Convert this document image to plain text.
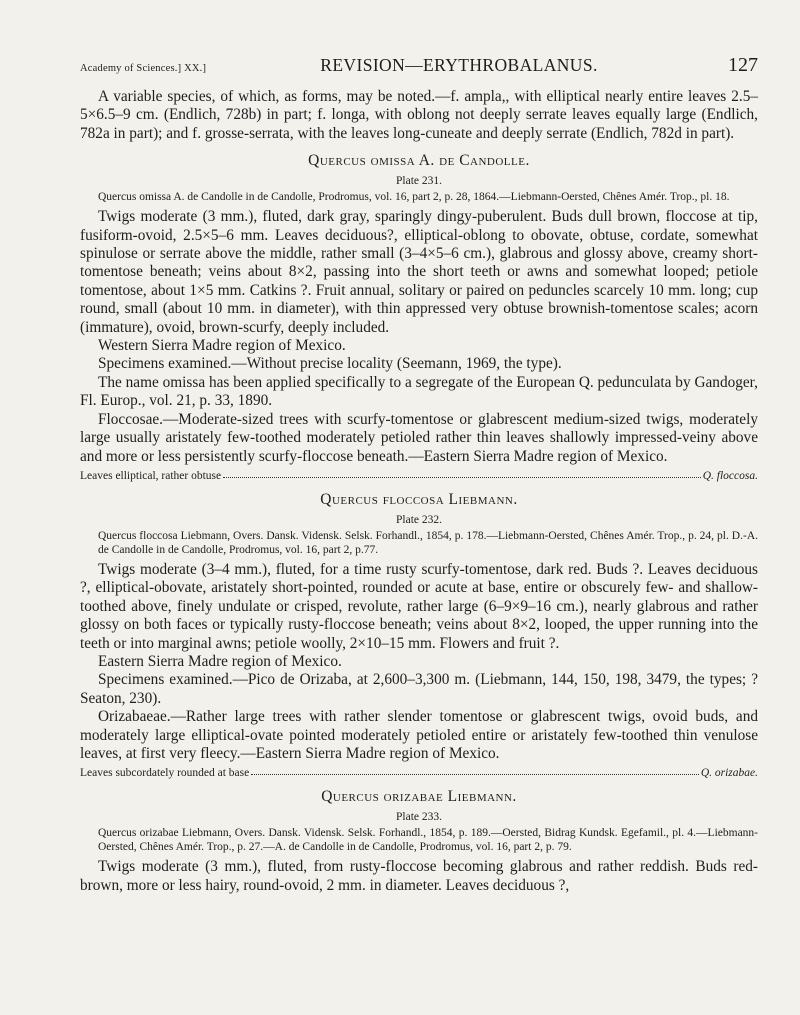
Academy of Sciences.] XX.]	REVISION—ERYTHROBALANUS.	127

A variable species, of which, as forms, may be noted.—f. ampla,, with elliptical nearly entire leaves 2.5–5×6.5–9 cm. (Endlich, 728b) in part; f. longa, with oblong not deeply serrate leaves equally large (Endlich, 782a in part); and f. grosse-serrata, with the leaves long-cuneate and deeply serrate (Endlich, 782d in part).

Quercus omissa A. de Candolle.
Plate 231.

Quercus omissa A. de Candolle in de Candolle, Prodromus, vol. 16, part 2, p. 28, 1864.—Liebmann-Oersted, Chênes Amér. Trop., pl. 18.

Twigs moderate (3 mm.), fluted, dark gray, sparingly dingy-puberulent. Buds dull brown, floccose at tip, fusiform-ovoid, 2.5×5–6 mm. Leaves deciduous?, elliptical-oblong to obovate, obtuse, cordate, somewhat spinulose or serrate above the middle, rather small (3–4×5–6 cm.), glabrous and glossy above, creamy short-tomentose beneath; veins about 8×2, passing into the short teeth or awns and somewhat looped; petiole tomentose, about 1×5 mm. Catkins ?. Fruit annual, solitary or paired on peduncles scarcely 10 mm. long; cup round, small (about 10 mm. in diameter), with thin appressed very obtuse brownish-tomentose scales; acorn (immature), ovoid, brown-scurfy, deeply included.

Western Sierra Madre region of Mexico.

Specimens examined.—Without precise locality (Seemann, 1969, the type).

The name omissa has been applied specifically to a segregate of the European Q. pedunculata by Gandoger, Fl. Europ., vol. 21, p. 33, 1890.

Floccosae.—Moderate-sized trees with scurfy-tomentose or glabrescent medium-sized twigs, moderately large usually aristately few-toothed moderately petioled rather thin leaves shallowly impressed-veiny above and more or less persistently scurfy-floccose beneath.—Eastern Sierra Madre region of Mexico.

Leaves elliptical, rather obtuse	Q. floccosa.
Quercus floccosa Liebmann.
Plate 232.

Quercus floccosa Liebmann, Overs. Dansk. Vidensk. Selsk. Forhandl., 1854, p. 178.—Liebmann-Oersted, Chênes Amér. Trop., p. 24, pl. D.-A. de Candolle in de Candolle, Prodromus, vol. 16, part 2, p.77.

Twigs moderate (3–4 mm.), fluted, for a time rusty scurfy-tomentose, dark red. Buds ?. Leaves deciduous ?, elliptical-obovate, aristately short-pointed, rounded or acute at base, entire or obscurely few- and shallow-toothed above, finely undulate or crisped, revolute, rather large (6–9×9–16 cm.), nearly glabrous and rather glossy on both faces or typically rusty-floccose beneath; veins about 8×2, looped, the upper running into the teeth or into marginal awns; petiole woolly, 2×10–15 mm. Flowers and fruit ?.

Eastern Sierra Madre region of Mexico.

Specimens examined.—Pico de Orizaba, at 2,600–3,300 m. (Liebmann, 144, 150, 198, 3479, the types; ?Seaton, 230).

Orizabaeae.—Rather large trees with rather slender tomentose or glabrescent twigs, ovoid buds, and moderately large elliptical-ovate pointed moderately petioled entire or aristately few-toothed thin venulose leaves, at first very fleecy.—Eastern Sierra Madre region of Mexico.

Leaves subcordately rounded at base	Q. orizabae.
Quercus orizabae Liebmann.
Plate 233.

Quercus orizabae Liebmann, Overs. Dansk. Vidensk. Selsk. Forhandl., 1854, p. 189.—Oersted, Bidrag Kundsk. Egefamil., pl. 4.—Liebmann-Oersted, Chênes Amér. Trop., p. 27.—A. de Candolle in de Candolle, Prodromus, vol. 16, part 2, p. 79.

Twigs moderate (3 mm.), fluted, from rusty-floccose becoming glabrous and rather reddish. Buds red-brown, more or less hairy, round-ovoid, 2 mm. in diameter. Leaves deciduous ?,
